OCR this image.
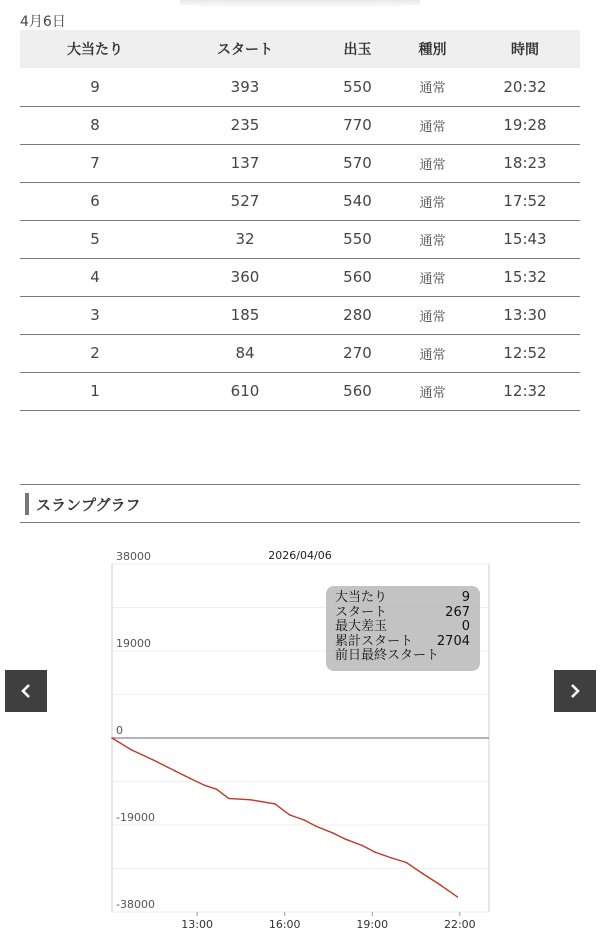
4月6日
大当たり	スタート	出玉	種別	時間
9	393	550	通常	20:32
8	235	770	通常	19:28
7	137	570	通常	18:23
6	527	540	通常	17:52
5	32	550	通常	15:43
4	360	560	通常	15:32
3	185	280	通常	13:30
2	84	270	通常	12:52
1	610	560	通常	12:32
スランプグラフ
2026/04/06
38000
19000
0
-19000
-38000
13:00	16:00	19:00	22:00
大当たり	9
スタート	267
最大差玉	0
累計スタート 2704
前日最終スタート
